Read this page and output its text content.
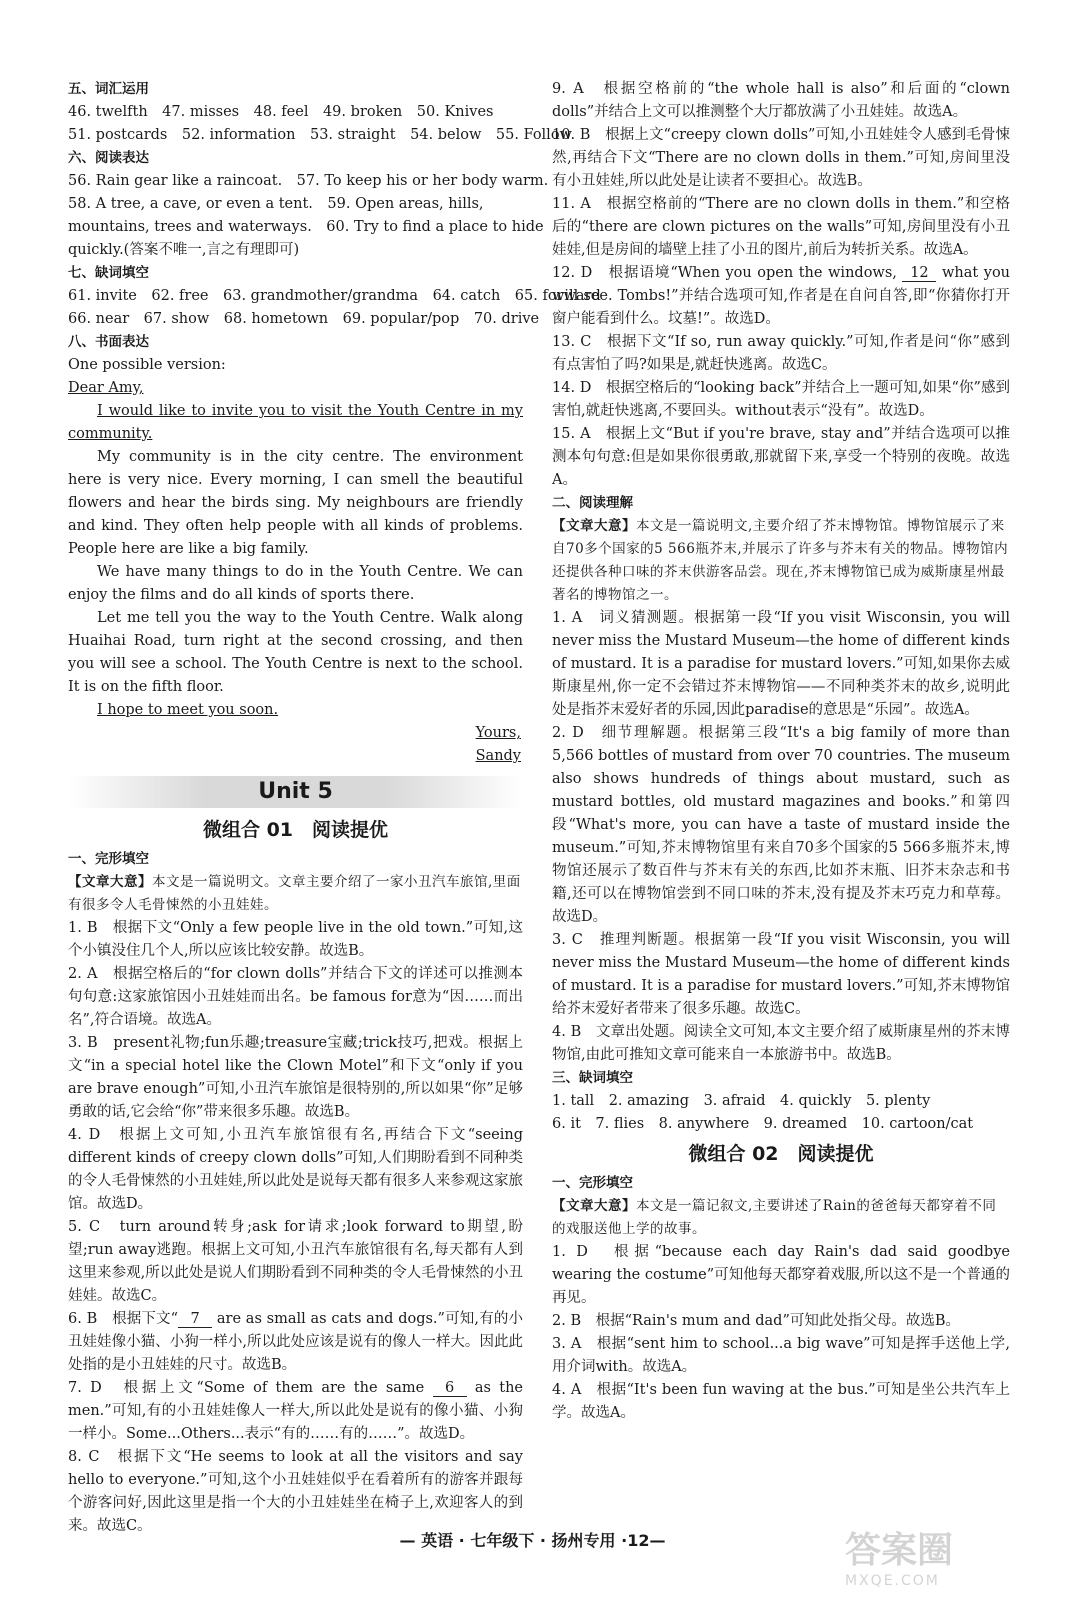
五、词汇运用
46. twelfth　47. misses　48. feel　49. broken　50. Knives
51. postcards　52. information　53. straight　54. below　55. Follow
六、阅读表达
56. Rain gear like a raincoat.　57. To keep his or her body warm.
58. A tree, a cave, or even a tent.　59. Open areas, hills,
mountains, trees and waterways.　60. Try to find a place to hide
quickly.(答案不唯一,言之有理即可)
七、缺词填空
61. invite　62. free　63. grandmother/grandma　64. catch　65. forward
66. near　67. show　68. hometown　69. popular/pop　70. drive
八、书面表达
One possible version:
Dear Amy,
I would like to invite you to visit the Youth Centre in my community.
My community is in the city centre. The environment here is very nice. Every morning, I can smell the beautiful flowers and hear the birds sing. My neighbours are friendly and kind. They often help people with all kinds of problems. People here are like a big family.
We have many things to do in the Youth Centre. We can enjoy the films and do all kinds of sports there.
Let me tell you the way to the Youth Centre. Walk along Huaihai Road, turn right at the second crossing, and then you will see a school. The Youth Centre is next to the school. It is on the fifth floor.
I hope to meet you soon.
Yours,
Sandy
Unit 5
微组合 01　阅读提优
一、完形填空
【文章大意】本文是一篇说明文。文章主要介绍了一家小丑汽车旅馆,里面有很多令人毛骨悚然的小丑娃娃。
1. B　根据下文“Only a few people live in the old town.”可知,这个小镇没住几个人,所以应该比较安静。故选B。
2. A　根据空格后的“for clown dolls”并结合下文的详述可以推测本句句意:这家旅馆因小丑娃娃而出名。be famous for意为“因……而出名”,符合语境。故选A。
3. B　present礼物;fun乐趣;treasure宝藏;trick技巧,把戏。根据上文“in a special hotel like the Clown Motel”和下文“only if you are brave enough”可知,小丑汽车旅馆是很特别的,所以如果“你”足够勇敢的话,它会给“你”带来很多乐趣。故选B。
4. D　根据上文可知,小丑汽车旅馆很有名,再结合下文“seeing different kinds of creepy clown dolls”可知,人们期盼看到不同种类的令人毛骨悚然的小丑娃娃,所以此处是说每天都有很多人来参观这家旅馆。故选D。
5. C　turn around转身;ask for请求;look forward to期望,盼望;run away逃跑。根据上文可知,小丑汽车旅馆很有名,每天都有人到这里来参观,所以此处是说人们期盼看到不同种类的令人毛骨悚然的小丑娃娃。故选C。
6. B　根据下文“ 7 are as small as cats and dogs.”可知,有的小丑娃娃像小猫、小狗一样小,所以此处应该是说有的像人一样大。因此此处指的是小丑娃娃的尺寸。故选B。
7. D　根据上文“Some of them are the same 6 as the men.”可知,有的小丑娃娃像人一样大,所以此处是说有的像小猫、小狗一样小。Some...Others...表示“有的……有的……”。故选D。
8. C　根据下文“He seems to look at all the visitors and say hello to everyone.”可知,这个小丑娃娃似乎在看着所有的游客并跟每个游客问好,因此这里是指一个大的小丑娃娃坐在椅子上,欢迎客人的到来。故选C。
9. A　根据空格前的“the whole hall is also”和后面的“clown dolls”并结合上文可以推测整个大厅都放满了小丑娃娃。故选A。
10. B　根据上文“creepy clown dolls”可知,小丑娃娃令人感到毛骨悚然,再结合下文“There are no clown dolls in them.”可知,房间里没有小丑娃娃,所以此处是让读者不要担心。故选B。
11. A　根据空格前的“There are no clown dolls in them.”和空格后的“there are clown pictures on the walls”可知,房间里没有小丑娃娃,但是房间的墙壁上挂了小丑的图片,前后为转折关系。故选A。
12. D　根据语境“When you open the windows, 12 what you will see. Tombs!”并结合选项可知,作者是在自问自答,即“你猜你打开窗户能看到什么。坟墓!”。故选D。
13. C　根据下文“If so, run away quickly.”可知,作者是问“你”感到有点害怕了吗?如果是,就赶快逃离。故选C。
14. D　根据空格后的“looking back”并结合上一题可知,如果“你”感到害怕,就赶快逃离,不要回头。without表示“没有”。故选D。
15. A　根据上文“But if you're brave, stay and”并结合选项可以推测本句句意:但是如果你很勇敢,那就留下来,享受一个特别的夜晚。故选A。
二、阅读理解
【文章大意】本文是一篇说明文,主要介绍了芥末博物馆。博物馆展示了来自70多个国家的5 566瓶芥末,并展示了许多与芥末有关的物品。博物馆内还提供各种口味的芥末供游客品尝。现在,芥末博物馆已成为威斯康星州最著名的博物馆之一。
1. A　词义猜测题。根据第一段“If you visit Wisconsin, you will never miss the Mustard Museum—the home of different kinds of mustard. It is a paradise for mustard lovers.”可知,如果你去威斯康星州,你一定不会错过芥末博物馆——不同种类芥末的故乡,说明此处是指芥末爱好者的乐园,因此paradise的意思是“乐园”。故选A。
2. D　细节理解题。根据第三段“It's a big family of more than 5,566 bottles of mustard from over 70 countries. The museum also shows hundreds of things about mustard, such as mustard bottles, old mustard magazines and books.”和第四段“What's more, you can have a taste of mustard inside the museum.”可知,芥末博物馆里有来自70多个国家的5 566多瓶芥末,博物馆还展示了数百件与芥末有关的东西,比如芥末瓶、旧芥末杂志和书籍,还可以在博物馆尝到不同口味的芥末,没有提及芥末巧克力和草莓。故选D。
3. C　推理判断题。根据第一段“If you visit Wisconsin, you will never miss the Mustard Museum—the home of different kinds of mustard. It is a paradise for mustard lovers.”可知,芥末博物馆给芥末爱好者带来了很多乐趣。故选C。
4. B　文章出处题。阅读全文可知,本文主要介绍了威斯康星州的芥末博物馆,由此可推知文章可能来自一本旅游书中。故选B。
三、缺词填空
1. tall　2. amazing　3. afraid　4. quickly　5. plenty
6. it　7. flies　8. anywhere　9. dreamed　10. cartoon/cat
微组合 02　阅读提优
一、完形填空
【文章大意】本文是一篇记叙文,主要讲述了Rain的爸爸每天都穿着不同的戏服送他上学的故事。
1. D　根据“because each day Rain's dad said goodbye wearing the costume”可知他每天都穿着戏服,所以这不是一个普通的再见。
2. B　根据“Rain's mum and dad”可知此处指父母。故选B。
3. A　根据“sent him to school...a big wave”可知是挥手送他上学,用介词with。故选A。
4. A　根据“It's been fun waving at the bus.”可知是坐公共汽车上学。故选A。
— 英语 · 七年级下 · 扬州专用 ·12—	答案圈
MXQE.COM
